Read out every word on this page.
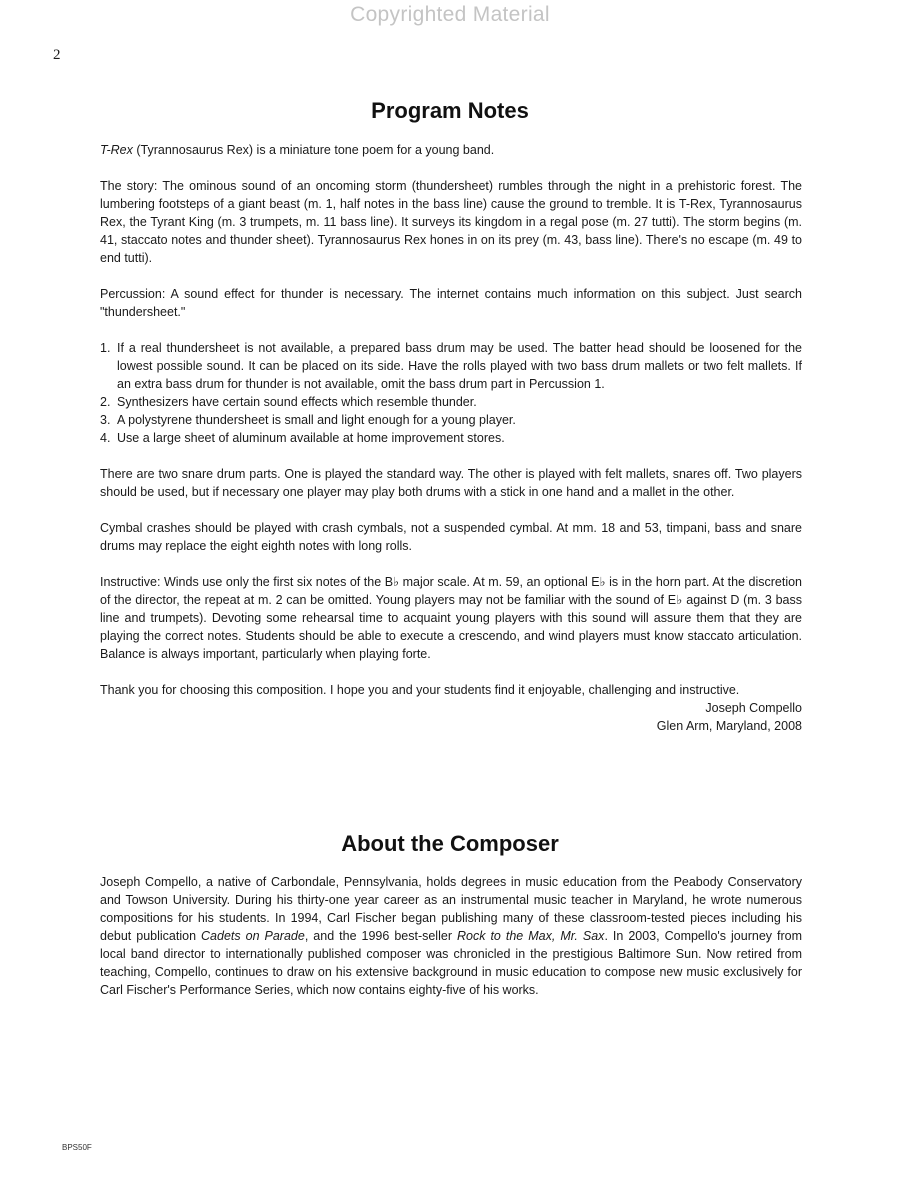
Copyrighted Material
2
Program Notes

T-Rex (Tyrannosaurus Rex) is a miniature tone poem for a young band.

The story: The ominous sound of an oncoming storm (thundersheet) rumbles through the night in a prehistoric forest. The lumbering footsteps of a giant beast (m. 1, half notes in the bass line) cause the ground to tremble. It is T-Rex, Tyrannosaurus Rex, the Tyrant King (m. 3 trumpets, m. 11 bass line). It surveys its kingdom in a regal pose (m. 27 tutti). The storm begins (m. 41, staccato notes and thunder sheet). Tyrannosaurus Rex hones in on its prey (m. 43, bass line). There's no escape (m. 49 to end tutti).

Percussion: A sound effect for thunder is necessary. The internet contains much information on this subject. Just search "thundersheet."

1. If a real thundersheet is not available, a prepared bass drum may be used. The batter head should be loosened for the lowest possible sound. It can be placed on its side. Have the rolls played with two bass drum mallets or two felt mallets. If an extra bass drum for thunder is not available, omit the bass drum part in Percussion 1.
2. Synthesizers have certain sound effects which resemble thunder.
3. A polystyrene thundersheet is small and light enough for a young player.
4. Use a large sheet of aluminum available at home improvement stores.

There are two snare drum parts. One is played the standard way. The other is played with felt mallets, snares off. Two players should be used, but if necessary one player may play both drums with a stick in one hand and a mallet in the other.

Cymbal crashes should be played with crash cymbals, not a suspended cymbal. At mm. 18 and 53, timpani, bass and snare drums may replace the eight eighth notes with long rolls.

Instructive: Winds use only the first six notes of the B♭ major scale. At m. 59, an optional E♭ is in the horn part. At the discretion of the director, the repeat at m. 2 can be omitted. Young players may not be familiar with the sound of E♭ against D (m. 3 bass line and trumpets). Devoting some rehearsal time to acquaint young players with this sound will assure them that they are playing the correct notes. Students should be able to execute a crescendo, and wind players must know staccato articulation. Balance is always important, particularly when playing forte.

Thank you for choosing this composition. I hope you and your students find it enjoyable, challenging and instructive.

Joseph Compello

Glen Arm, Maryland, 2008

About the Composer

Joseph Compello, a native of Carbondale, Pennsylvania, holds degrees in music education from the Peabody Conservatory and Towson University. During his thirty-one year career as an instrumental music teacher in Maryland, he wrote numerous compositions for his students. In 1994, Carl Fischer began publishing many of these classroom-tested pieces including his debut publication Cadets on Parade, and the 1996 best-seller Rock to the Max, Mr. Sax. In 2003, Compello's journey from local band director to internationally published composer was chronicled in the prestigious Baltimore Sun. Now retired from teaching, Compello, continues to draw on his extensive background in music education to compose new music exclusively for Carl Fischer's Performance Series, which now contains eighty-five of his works.

BPS50F
